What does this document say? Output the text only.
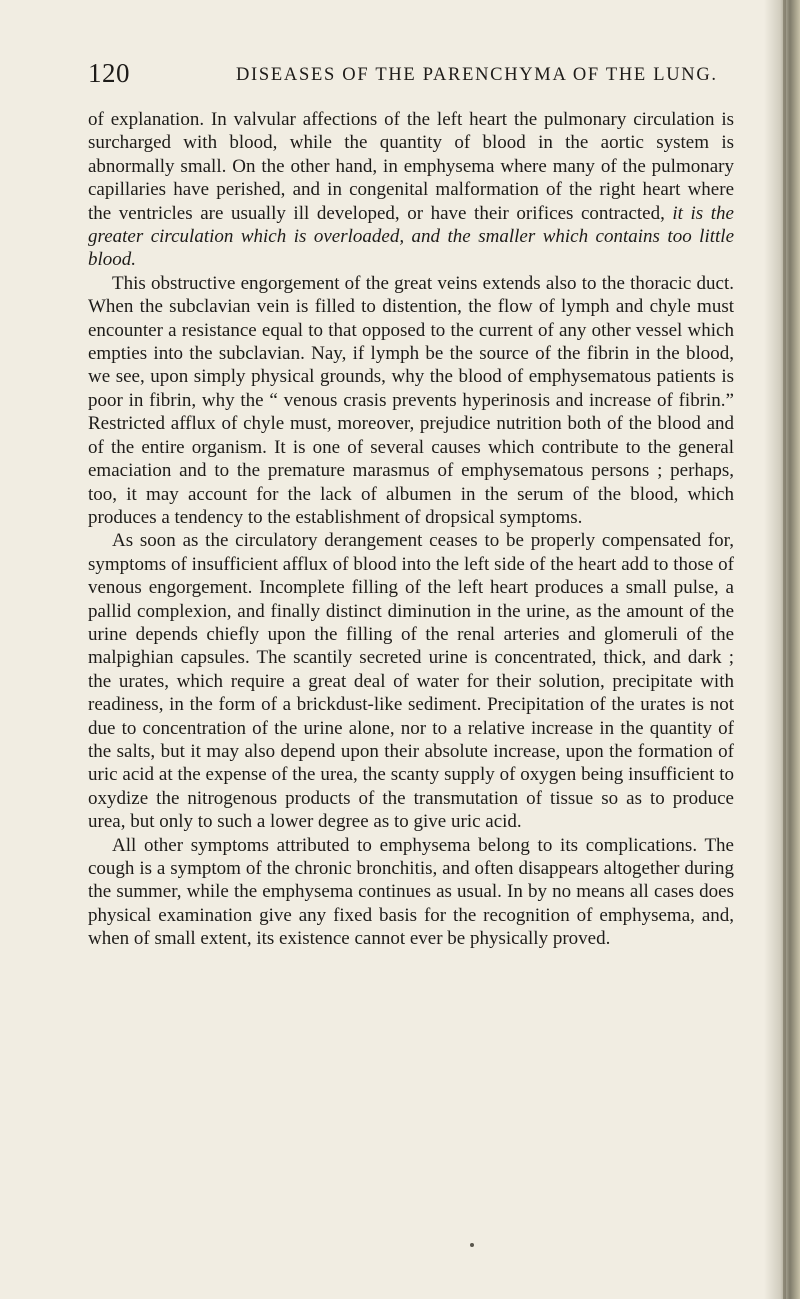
120	DISEASES OF THE PARENCHYMA OF THE LUNG.

of explanation. In valvular affections of the left heart the pulmonary circulation is surcharged with blood, while the quantity of blood in the aortic system is abnormally small. On the other hand, in emphysema where many of the pulmonary capillaries have perished, and in congenital malformation of the right heart where the ventricles are usually ill developed, or have their orifices contracted, it is the greater circulation which is overloaded, and the smaller which contains too little blood.

This obstructive engorgement of the great veins extends also to the thoracic duct. When the subclavian vein is filled to distention, the flow of lymph and chyle must encounter a resistance equal to that opposed to the current of any other vessel which empties into the subclavian. Nay, if lymph be the source of the fibrin in the blood, we see, upon simply physical grounds, why the blood of emphysematous patients is poor in fibrin, why the “ venous crasis prevents hyperinosis and increase of fibrin.” Restricted afflux of chyle must, moreover, prejudice nutrition both of the blood and of the entire organism. It is one of several causes which contribute to the general emaciation and to the premature marasmus of emphysematous persons ; perhaps, too, it may account for the lack of albumen in the serum of the blood, which produces a tendency to the establishment of dropsical symptoms.

As soon as the circulatory derangement ceases to be properly compensated for, symptoms of insufficient afflux of blood into the left side of the heart add to those of venous engorgement. Incomplete filling of the left heart produces a small pulse, a pallid complexion, and finally distinct diminution in the urine, as the amount of the urine depends chiefly upon the filling of the renal arteries and glomeruli of the malpighian capsules. The scantily secreted urine is concentrated, thick, and dark ; the urates, which require a great deal of water for their solution, precipitate with readiness, in the form of a brickdust-like sediment. Precipitation of the urates is not due to concentration of the urine alone, nor to a relative increase in the quantity of the salts, but it may also depend upon their absolute increase, upon the formation of uric acid at the expense of the urea, the scanty supply of oxygen being insufficient to oxydize the nitrogenous products of the transmutation of tissue so as to produce urea, but only to such a lower degree as to give uric acid.

All other symptoms attributed to emphysema belong to its complications. The cough is a symptom of the chronic bronchitis, and often disappears altogether during the summer, while the emphysema continues as usual. In by no means all cases does physical examination give any fixed basis for the recognition of emphysema, and, when of small extent, its existence cannot ever be physically proved.
